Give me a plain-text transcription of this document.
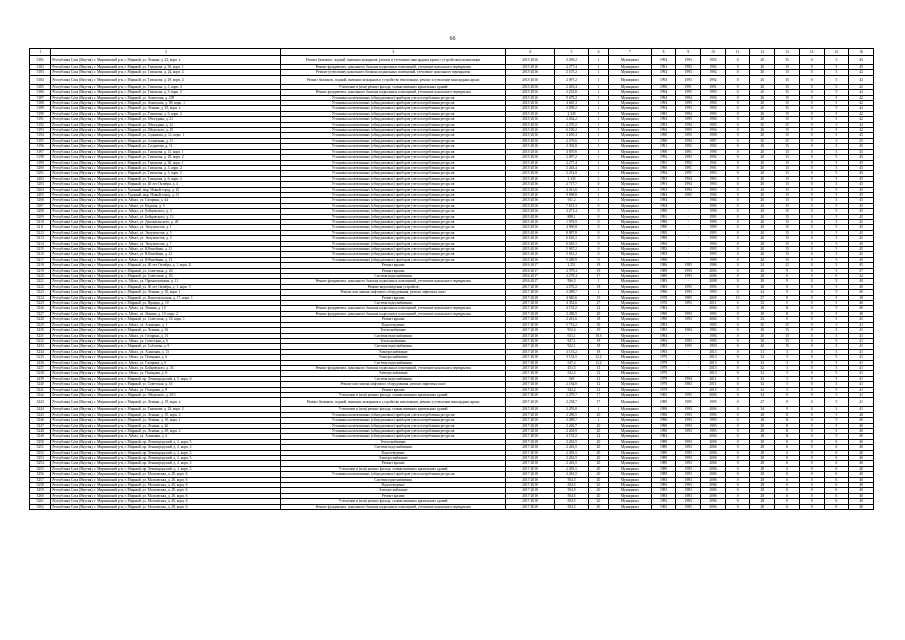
66
1	2	3	4	5	6	7	8	9	10	11	12	13	14	15	16
5181	Республика Саха (Якутия), г. Мирнинский р-н, г. Мирный, ул. Ленина, д. 25, корп. а	Ремонт балконов, лоджий, внешних козырьков, ремонт и утепление мансардных крыш с устройством вентиляции	2015-2016	2 309,2	1	Муниципал	1992	1993	1992	0	20	15	0	5	45
5182	Республика Саха (Якутия), г. Мирнинский р-н, г. Мирный, ул. Тихонова, д. 30, корп. 1	Ремонт фундамента, цокольного балкона подвальных помещений, утепление цокольного перекрытия	2015-2016	2 277,4	1	Муниципал	1991	1992	1992	0	20	15	0	5	45
5183	Республика Саха (Якутия), г. Мирнинский р-н, г. Мирный, ул. Тихонова, д. 24, корп. 2	Ремонт (утепление) цокольного балкона подвальных помещений, утепление цокольного перекрытия	2015-2016	2 107,2	1	Муниципал	1992	1993	1992	0	20	15	0	5	42
5184	Республика Саха (Якутия), г. Мирнинский р-н, г. Мирный, ул. Тихонова, д. 29, корп. 2	Ремонт балконов, лоджий, внешних козырьков и устройство вентиляции, ремонт и утепление мансардных крыш	2015-2016	2 097,2	1	Муниципал	1992	1993	1992	0	20	15	0	5	42
5185	Республика Саха (Якутия), г. Мирнинский р-н, г. Мирный, ул. Тихонова, д. 3, корп. 2	Утепление и (или) ремонт фасада, ставни внешних кровельных зданий	2015-2016	2 263,4	1	Муниципал	1990	1991	1991	0	20	15	0	5	42
5186	Республика Саха (Якутия), г. Мирнинский р-н, г. Мирный, ул. Тихонова, д. 5, корп. 2	Ремонт фундамента, цокольного балкона подвальных помещений, утепление цокольного перекрытия	2015-2016	2 232,8	1	Муниципал	1994	1995	1993	0	20	15	0	5	42
5187	Республика Саха (Якутия), г. Мирнинский р-н, г. Мирный, ул. Аммосова, д. 109	Установка коллективных (общедомовых) приборов учета потребления ресурсов	2015-2016	9 679,2	1	Муниципал	1994	1994	1994	0	20	15	0	5	42
5188	Республика Саха (Якутия), г. Мирнинский р-н, г. Мирный, ул. Аммосова, д. 88, корп. 1	Установка коллективных (общедомовых) приборов учета потребления ресурсов	2015-2016	4 665,3	1	Муниципал	1994	1995	1994	0	20	15	0	5	42
5189	Республика Саха (Якутия), г. Мирнинский р-н, г. Мирный, ул. Ленина, д. 35, корп. а	Установка коллективных (общедомовых) приборов учета потребления ресурсов	2015-2016	2 309,2	1	Муниципал	1992	1993	1992	0	20	15	0	5	42
5190	Республика Саха (Якутия), г. Мирнинский р-н, г. Мирный, ул. Тихонова, д. 6, корп. 2	Установка коллективных (общедомовых) приборов учета потребления ресурсов	2015-2016	2 345	1	Муниципал	1983	1994	1993	0	20	15	0	5	42
5191	Республика Саха (Якутия), г. Мирнинский р-н, г. Мирный, ул. Объездная, д. 21	Установка коллективных (общедомовых) приборов учета потребления ресурсов	2015-2016	2 264,2	1	Муниципал	1994	1995	1994	0	20	15	0	5	42
5192	Республика Саха (Якутия), г. Мирнинский р-н, г. Мирный, ул. Объездная, д. 22	Установка коллективных (общедомовых) приборов учета потребления ресурсов	2015-2016	2 270,2	1	Муниципал	1993	1994	1993	0	20	15	0	5	42
5193	Республика Саха (Якутия), г. Мирнинский р-н, г. Мирный, ул. Ойунского, д. 10	Установка коллективных (общедомовых) приборов учета потребления ресурсов	2015-2016	6 190,2	1	Муниципал	1994	1995	1994	0	20	15	0	5	42
5194	Республика Саха (Якутия), г. Мирнинский р-н, г. Мирный, ул. Садыкова, д. 12, корп. 1	Установка коллективных (общедомовых) приборов учета потребления ресурсов	2015-2016	3 659,4	1	Муниципал	1990	1993	1990	0	20	15	0	5	45
5195	Республика Саха (Якутия), г. Мирнинский р-н, г. Мирный, ул. Солнечная, д. 11	Установка коллективных (общедомовых) приборов учета потребления ресурсов	2015-2016	2 276,6	1	Муниципал	1990	1994	1997	0	20	15	0	5	45
5196	Республика Саха (Якутия), г. Мирнинский р-н, г. Мирный, ул. Солдатова, д. 11	Установка коллективных (общедомовых) приборов учета потребления ресурсов	2015-2016	2 302,8	1	Муниципал	1991	1992	1992	0	20	15	0	5	45
5197	Республика Саха (Якутия), г. Мирнинский р-н, г. Мирный, ул. Тихонова, д. 15, корп. 1	Установка коллективных (общедомовых) приборов учета потребления ресурсов	2015-2016	4 870,8	1	Муниципал	1990	1991	1990	0	20	15	0	5	45
5198	Республика Саха (Якутия), г. Мирнинский р-н, г. Мирный, ул. Тихонова, д. 29, корп. 2	Установка коллективных (общедомовых) приборов учета потребления ресурсов	2015-2016	2 097,2	1	Муниципал	1992	1993	1992	0	20	15	0	5	45
5199	Республика Саха (Якутия), г. Мирнинский р-н, г. Мирный, ул. Тихонова, д. 30, корп. 1	Установка коллективных (общедомовых) приборов учета потребления ресурсов	2015-2016	2 277,4	1	Муниципал	1991	1992	1992	0	20	15	0	5	45
5200	Республика Саха (Якутия), г. Мирнинский р-н, г. Мирный, ул. Тихонова, д. 3, корп. 2	Установка коллективных (общедомовых) приборов учета потребления ресурсов	2015-2016	2 263,4	1	Муниципал	1990	1991	1991	0	20	15	0	5	45
5201	Республика Саха (Якутия), г. Мирнинский р-н, г. Мирный, ул. Тихонова, д. 5, корп. 2	Установка коллективных (общедомовых) приборов учета потребления ресурсов	2015-2016	2 232,8	1	Муниципал	1994	1995	1993	0	20	15	0	5	45
5202	Республика Саха (Якутия), г. Мирнинский р-н, г. Мирный, ул. Тихонова, д. 6, корп. 2	Установка коллективных (общедомовых) приборов учета потребления ресурсов	2015-2016	2 345	1	Муниципал	1993	1994	1993	0	20	15	0	5	45
5203	Республика Саха (Якутия), г. Мирнинский р-н, г. Мирный, ул. 40 лет Октября, д. 4	Установка коллективных (общедомовых) приборов учета потребления ресурсов	2015-2016	2 717,7	0	Муниципал	1991	1994	1993	0	20	15	0	5	45
5204	Республика Саха (Якутия), г. Мирнинский р-н, г. Удачный, мкр. Новый город, д. 25	Установка коллективных (общедомовых) приборов учета потребления ресурсов	2015-2016	4 021,6	1	Муниципал	1993	1994	1993	0	20	15	0	5	45
5205	Республика Саха (Якутия), г. Мирнинский р-н, г. Удачный, мкр. Новый город, д. 31	Установка коллективных (общедомовых) приборов учета потребления ресурсов	2015-2016	9 908,8	1	Муниципал	1984	1985	1994	0	20	15	0	5	45
5206	Республика Саха (Якутия), г. Мирнинский р-н, п. Айхал, ул. Гагарина, д. 44	Установка коллективных (общедомовых) приборов учета потребления ресурсов	2015-2016	911,2	1	Муниципал	1984	-	1984	0	20	15	0	5	45
5207	Республика Саха (Якутия), г. Мирнинский р-н, п. Айхал, ул. Кадзова, д. 5	Установка коллективных (общедомовых) приборов учета потребления ресурсов	2015-2016	7 613,3	0	Муниципал	1994	-	1994	0	20	15	0	5	45
5208	Республика Саха (Якутия), г. Мирнинский р-н, п. Айхал, ул. Бойцовского, д. 5	Установка коллективных (общедомовых) приборов учета потребления ресурсов	2015-2016	2 271,4	0	Муниципал	1990	-	1990	0	20	15	0	5	45
5209	Республика Саха (Якутия), г. Мирнинский р-н, п. Айхал, ул. Бойцовского, д. 13	Установка коллективных (общедомовых) приборов учета потребления ресурсов	2015-2016	888,1	0	Муниципал	1991	-	1991	0	20	15	0	5	45
5210	Республика Саха (Якутия), г. Мирнинский р-н, п. Айхал, ул. Деповаганского, д. 28	Установка коллективных (общедомовых) приборов учета потребления ресурсов	2015-2016	1 976,9	0	Муниципал	1990	-	1990	0	20	15	0	5	45
5211	Республика Саха (Якутия), г. Мирнинский р-н, п. Айхал, ул. Энтузиастов, д. 1	Установка коллективных (общедомовых) приборов учета потребления ресурсов	2015-2016	4 990,8	0	Муниципал	1990	-	1990	0	20	15	0	5	45
5212	Республика Саха (Якутия), г. Мирнинский р-н, п. Айхал, ул. Энтузиастов, д. 3	Установка коллективных (общедомовых) приборов учета потребления ресурсов	2015-2016	8 997,8	0	Муниципал	1993	-	1993	0	20	15	0	5	45
5213	Республика Саха (Якутия), г. Мирнинский р-н, п. Айхал, ул. Энтузиастов, д. 5	Установка коллективных (общедомовых) приборов учета потребления ресурсов	2015-2016	6 610,1	0	Муниципал	1990	-	1990	0	20	15	0	5	45
5214	Республика Саха (Якутия), г. Мирнинский р-н, п. Айхал, ул. Энтузиастов, д. 7	Установка коллективных (общедомовых) приборов учета потребления ресурсов	2015-2016	6 610,1	0	Муниципал	1994	-	1994	0	20	15	0	5	45
5215	Республика Саха (Якутия), г. Мирнинский р-н, п. Айхал, ул. Юбилейная, д. 11	Установка коллективных (общедомовых) приборов учета потребления ресурсов	2015-2016	5 967,2	0	Муниципал	1993	-	1993	0	20	15	0	5	45
5216	Республика Саха (Якутия), г. Мирнинский р-н, п. Айхал, ул. Юбилейная, д. 12	Установка коллективных (общедомовых) приборов учета потребления ресурсов	2015-2016	5 651,2	0	Муниципал	1993	-	1993	0	20	15	0	5	45
5217	Республика Саха (Якутия), г. Мирнинский р-н, п. Айхал, ул. Юбилейная, д. 13	Установка коллективных (общедомовых) приборов учета потребления ресурсов	2015-2016	5 269,9	0	Муниципал	1990	-	1990	0	20	15	0	5	45
5218	Республика Саха (Якутия), г. Мирнинский р-н, г. Мирный, ул. 40 лет Октября, д. 1, корп. Б	Ремонт крыши	2016-2017	2 251	18	Муниципал	1986	1985	1986	0	24	12	0	5	45
5219	Республика Саха (Якутия), г. Мирнинский р-н, г. Мирный, ул. Советская, д. 26	Ремонт крыши	2016-2017	2 379,4	19	Муниципал	1989	1993	2003	0	28	9	0	5	37
5220	Республика Саха (Якутия), г. Мирнинский р-н, г. Мирный, ул. Советская, д. 26	Система водоснабжения	2016-2017	2 278,4	17	Муниципал	1989	1993	2006	0	28	6	0	6	42
5221	Республика Саха (Якутия), г. Мирнинский р-н, п. Айхал, ул. Промышленная, д. 11	Ремонт фундамента, цокольного балкона подвальных помещений, утепление цокольного перекрытия	2016-2017	566,3	1	Муниципал	1985	-	2008	0	28	9	0	5	40
5222	Республика Саха (Якутия), г. Мирнинский р-н, г. Мирный, ул. 40 лет Октября, д. 1, корп. 5	Ремонт водоотведения устройств	2017-2018	2 276,2	18	Муниципал	1983	1993	1993	0	28	9	0	5	40
5223	Республика Саха (Якутия), г. Мирнинский р-н, г. Мирный, ул. Ленина, д. 10, корп. 1	Ремонт или замена лифтового оборудования, ремонт лифтовых шахт	2017-2018	2 289,7	1	Муниципал	1990	1993	1993	0	24	9	0	5	40
5224	Республика Саха (Якутия), г. Мирнинский р-н, г. Мирный, ул. Комсомольская, д. 17, корп. 1	Ремонт крыши	2017-2018	4 840,6	19	Муниципал	1978	1985	2005	13	27	8	0	5	38
5225	Республика Саха (Якутия), г. Мирнинский р-н, г. Мирный, ул. Правды, д. 10	Система водоснабжения	2017-2018	4 352,6	27	Муниципал	1976	1993	2011	0	32	5	0	5	40
5226	Республика Саха (Якутия), г. Мирнинский р-н, п. Айхал, ул. Ленина, д. 10	Ремонт фундамента, цокольного балкона подвальных помещений, утепление цокольного перекрытия	2017-2018	4 153,2	22	Муниципал	1982	-	2004	0	28	11	0	5	40
5227	Республика Саха (Якутия), г. Мирнинский р-н, п. Айхал, ул. Ленина, д. 10, корп. 2	Ремонт фундамента, цокольного балкона подвальных помещений, утепление цокольного перекрытия	2017-2018	2 286,5	20	Муниципал	1990	1993	1993	0	28	11	0	5	40
5228	Республика Саха (Якутия), г. Мирнинский р-н, г. Мирный, ул. Советская, д. 18, корп. 1	Ремонт крыши	2017-2018	2 261,6	18	Муниципал	1990	1993	2004	0	24	9	0	5	45
5229	Республика Саха (Якутия), г. Мирнинский р-н, п. Айхал, ул. Алмазная, д. 1	Водоотведение	2017-2018	5 752,2	30	Муниципал	1993	-	1993	0	20	15	0	5	41
5230	Республика Саха (Якутия), г. Мирнинский р-н, г. Мирный, ул. Ленина, д. 16	Теплоснабжение	2017-2018	952,4	19	Муниципал	1981	1984	1992	0	20	15	0	5	41
5231	Республика Саха (Якутия), г. Мирнинский р-н, п. Айхал, ул. Гагарина, д. 13	Система водоснабжения	2017-2018	631,1	18,5	Муниципал	1994	-	1994	0	20	15	0	5	41
5232	Республика Саха (Якутия), г. Мирнинский р-н, п. Айхал, ул. Советская, д. 6	Теплоснабжение	2017-2018	947,1	18	Муниципал	1993	1993	1995	0	30	15	0	5	41
5233	Республика Саха (Якутия), г. Мирнинский р-н, г. Мирный, ул. Соболева, д. 9	Система водоснабжения	2017-2018	922,1	18	Муниципал	1993	1993	1993	0	20	15	0	5	41
5234	Республика Саха (Якутия), г. Мирнинский р-н, п. Айхал, ул. Алмазная, д. 13	Электроснабжение	2017-2018	3 153,2	18	Муниципал	1993	-	2013	0	31	3	0	5	41
5235	Республика Саха (Якутия), г. Мирнинский р-н, п. Айхал, ул. Полярная, д. 6	Электроснабжение	2017-2018	3 154,5	13,2	Муниципал	1979	-	2013	0	32	3	0	5	41
5236	Республика Саха (Якутия), г. Мирнинский р-н, п. Айхал, ул. Гагарина, д. 6	Система водоснабжения	2017-2018	547,2	13,2	Муниципал	1979	-	2013	0	32	3	0	5	41
5237	Республика Саха (Якутия), г. Мирнинский р-н, п. Айхал, ул. Бойцовского, д. 33	Ремонт фундамента, цокольного балкона подвальных помещений, утепление цокольного перекрытия	2017-2018	451,5	13	Муниципал	1979	-	2013	0	32	3	0	5	41
5238	Республика Саха (Якутия), г. Мирнинский р-н, п. Айхал, ул. Полярная, д. 8	Электроснабжение	2017-2018	542,2	12	Муниципал	1979	-	2013	0	32	3	0	5	41
5239	Республика Саха (Якутия), г. Мирнинский р-н, г. Мирный, пр. Ленинградский, д. 5, корп. 6	Система водоснабжения	2017-2018	529	12	Муниципал	1979	1994	2011	0	32	3	0	5	41
5240	Республика Саха (Якутия), г. Мирнинский р-н, г. Мирный, ул. Советская, д. 16	Ремонт или замена лифтового оборудования, ремонт лифтовых шахт	2017-2018	2 164,8	12	Муниципал	1979	1983	2011	0	32	5	0	5	41
5241	Республика Саха (Якутия), г. Мирнинский р-н, п. Айхал, ул. Полярная, д. 8	Ремонт крыши	2017-2018	542,2	12	Муниципал	1979	-	2013	0	32	3	0	5	41
5242	Республика Саха (Якутия), г. Мирнинский р-н, г. Мирный, ул. Ойунского, д. 29/1	Утепление и (или) ремонт фасада, ставни внешних кровельных зданий	2017-2018	2 279,7	17	Муниципал	1983	1993	2004	0	34	9	0	5	41
5243	Республика Саха (Якутия), г. Мирнинский р-н, г. Мирный, ул. Ленина, д. 19, корп. а	Ремонт балконов, лоджий, внешних козырьков и устройство вентиляции, ремонт и утепление мансардных крыш	2017-2018	2 238,7	17	Муниципал	1989	1995	1995	0	27	9	0	5	41
5244	Республика Саха (Якутия), г. Мирнинский р-н, г. Мирный, ул. Тихонова, д. 29, корп. 2	Утепление и (или) ремонт фасада, ставни внешних кровельных зданий	2017-2018	2 259,8	1	Муниципал	1989	1993	2004	0	34	9	0	5	41
5245	Республика Саха (Якутия), г. Мирнинский р-н, г. Мирный, ул. Ленина, д. 10, корп. 2	Установка коллективных (общедомовых) приборов учета потребления ресурсов	2017-2018	2 286,5	20	Муниципал	1990	1993	1993	0	28	11	0	5	40
5246	Республика Саха (Якутия), г. Мирнинский р-н, г. Мирный, ул. Ленина, д. 10, корп. 1	Установка коллективных (общедомовых) приборов учета потребления ресурсов	2017-2018	2 289,7	1	Муниципал	1990	1993	1993	0	28	11	0	5	40
5247	Республика Саха (Якутия), г. Мирнинский р-н, г. Мирный, ул. Ленина, д. 26	Установка коллективных (общедомовых) приборов учета потребления ресурсов	2017-2018	2 266,7	20	Муниципал	1990	1993	1993	0	28	11	0	5	40
5248	Республика Саха (Якутия), г. Мирнинский р-н, г. Мирный, ул. Ленина, д. 29, корп. 2	Установка коллективных (общедомовых) приборов учета потребления ресурсов	2017-2018	2 204,9	20	Муниципал	1990	1993	1993	0	28	11	0	5	40
5249	Республика Саха (Якутия), г. Мирнинский р-н, п. Айхал, ул. Алмазная, д. 2	Установка коллективных (общедомовых) приборов учета потребления ресурсов	2017-2018	4 153,2	22	Муниципал	1982	-	2004	0	28	11	0	5	40
5250	Республика Саха (Якутия), г. Мирнинский р-н, г. Мирный, пр. Ленинградский, д. 2, корп. 3	Теплоснабжение	2017-2018	2 263,5	20	Муниципал	1989	1993	2006	0	28	6	0	6	40
5251	Республика Саха (Якутия), г. Мирнинский р-н, г. Мирный, пр. Ленинградский, д. 2, корп. 3	Система водоснабжения	2017-2018	2 263,5	20	Муниципал	1989	1993	2006	0	28	6	0	6	40
5252	Республика Саха (Якутия), г. Мирнинский р-н, г. Мирный, пр. Ленинградский, д. 2, корп. 3	Водоотведение	2017-2018	2 263,5	20	Муниципал	1989	1993	2006	0	28	6	0	6	40
5253	Республика Саха (Якутия), г. Мирнинский р-н, г. Мирный, пр. Ленинградский, д. 2, корп. 3	Электроснабжение	2017-2018	2 263,5	20	Муниципал	1989	1993	2006	0	28	6	0	6	40
5254	Республика Саха (Якутия), г. Мирнинский р-н, г. Мирный, пр. Ленинградский, д. 2, корп. 3	Ремонт крыши	2017-2018	2 263,5	20	Муниципал	1989	1993	2006	0	28	6	0	6	40
5255	Республика Саха (Якутия), г. Мирнинский р-н, г. Мирный, пр. Ленинградский, д. 3, корп. 3	Утепление и (или) ремонт фасада, ставни внешних кровельных зданий	2017-2018	2 263,5	20	Муниципал	1989	1993	2006	0	28	6	0	6	40
5256	Республика Саха (Якутия), г. Мирнинский р-н, г. Мирный, ул. Московская, д. 28, корп. 6	Установка коллективных (общедомовых) приборов учета потребления ресурсов	2017-2018	2 263,5	20	Муниципал	1989	1993	2006	0	28	6	0	6	40
5257	Республика Саха (Якутия), г. Мирнинский р-н, г. Мирный, ул. Московская, д. 28, корп. 6	Система водоснабжения	2017-2018	504,5	20	Муниципал	1983	1983	2006	0	28	6	0	6	40
5258	Республика Саха (Якутия), г. Мирнинский р-н, г. Мирный, ул. Московская, д. 28, корп. 6	Водоотведение	2017-2018	504,5	20	Муниципал	1983	1983	2006	0	28	6	0	6	40
5259	Республика Саха (Якутия), г. Мирнинский р-н, г. Мирный, ул. Московская, д. 28, корп. 6	Электроснабжение	2017-2018	504,5	20	Муниципал	1983	1983	2006	0	28	6	0	6	40
5260	Республика Саха (Якутия), г. Мирнинский р-н, г. Мирный, ул. Московская, д. 28, корп. 6	Ремонт крыши	2017-2018	504,5	20	Муниципал	1983	1983	2006	0	28	6	0	6	40
5261	Республика Саха (Якутия), г. Мирнинский р-н, г. Мирный, ул. Московская, д. 28, корп. 6	Утепление и (или) ремонт фасада, ставни внешних кровельных зданий	2017-2018	504,5	20	Муниципал	1983	1983	2006	0	28	6	0	6	40
5262	Республика Саха (Якутия), г. Мирнинский р-н, г. Мирный, ул. Московская, д. 28, корп. 6	Ремонт фундамента, цокольного балкона подвальных помещений, утепление цокольного перекрытия	2017-2018	504,5	20	Муниципал	1983	1983	2006	0	28	6	0	6	40
